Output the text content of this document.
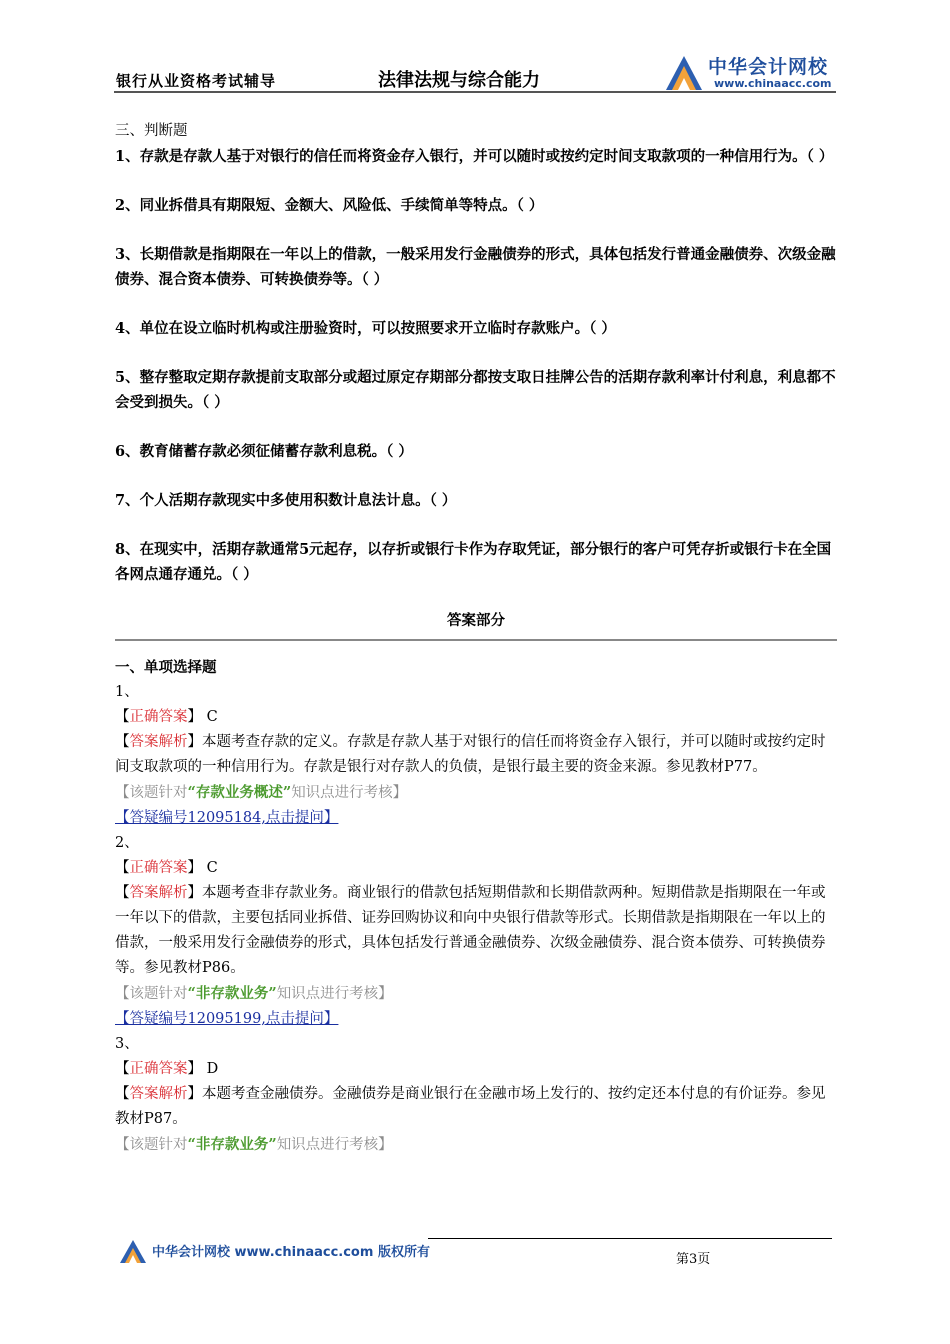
银行从业资格考试辅导	法律法规与综合能力
中华会计网校
www.chinaacc.com

三、判断题

1、存款是存款人基于对银行的信任而将资金存入银行，并可以随时或按约定时间支取款项的一种信用行为。（ ）

2、同业拆借具有期限短、金额大、风险低、手续简单等特点。（ ）

3、长期借款是指期限在一年以上的借款，一般采用发行金融债券的形式，具体包括发行普通金融债券、次级金融债券、混合资本债券、可转换债券等。（ ）

4、单位在设立临时机构或注册验资时，可以按照要求开立临时存款账户。（ ）

5、整存整取定期存款提前支取部分或超过原定存期部分都按支取日挂牌公告的活期存款利率计付利息，利息都不会受到损失。（ ）

6、教育储蓄存款必须征储蓄存款利息税。（ ）

7、个人活期存款现实中多使用积数计息法计息。（ ）

8、在现实中，活期存款通常5元起存，以存折或银行卡作为存取凭证，部分银行的客户可凭存折或银行卡在全国各网点通存通兑。（ ）

答案部分

一、单项选择题

1、

【正确答案】 C

【答案解析】本题考查存款的定义。存款是存款人基于对银行的信任而将资金存入银行，并可以随时或按约定时间支取款项的一种信用行为。存款是银行对存款人的负债，是银行最主要的资金来源。参见教材P77。

【该题针对“存款业务概述”知识点进行考核】

【答疑编号12095184,点击提问】

2、

【正确答案】 C

【答案解析】本题考查非存款业务。商业银行的借款包括短期借款和长期借款两种。短期借款是指期限在一年或一年以下的借款，主要包括同业拆借、证券回购协议和向中央银行借款等形式。长期借款是指期限在一年以上的借款，一般采用发行金融债券的形式，具体包括发行普通金融债券、次级金融债券、混合资本债券、可转换债券等。参见教材P86。

【该题针对“非存款业务”知识点进行考核】

【答疑编号12095199,点击提问】

3、

【正确答案】 D

【答案解析】本题考查金融债券。金融债券是商业银行在金融市场上发行的、按约定还本付息的有价证券。参见教材P87。

【该题针对“非存款业务”知识点进行考核】

中华会计网校 www.chinaacc.com 版权所有	第3页
